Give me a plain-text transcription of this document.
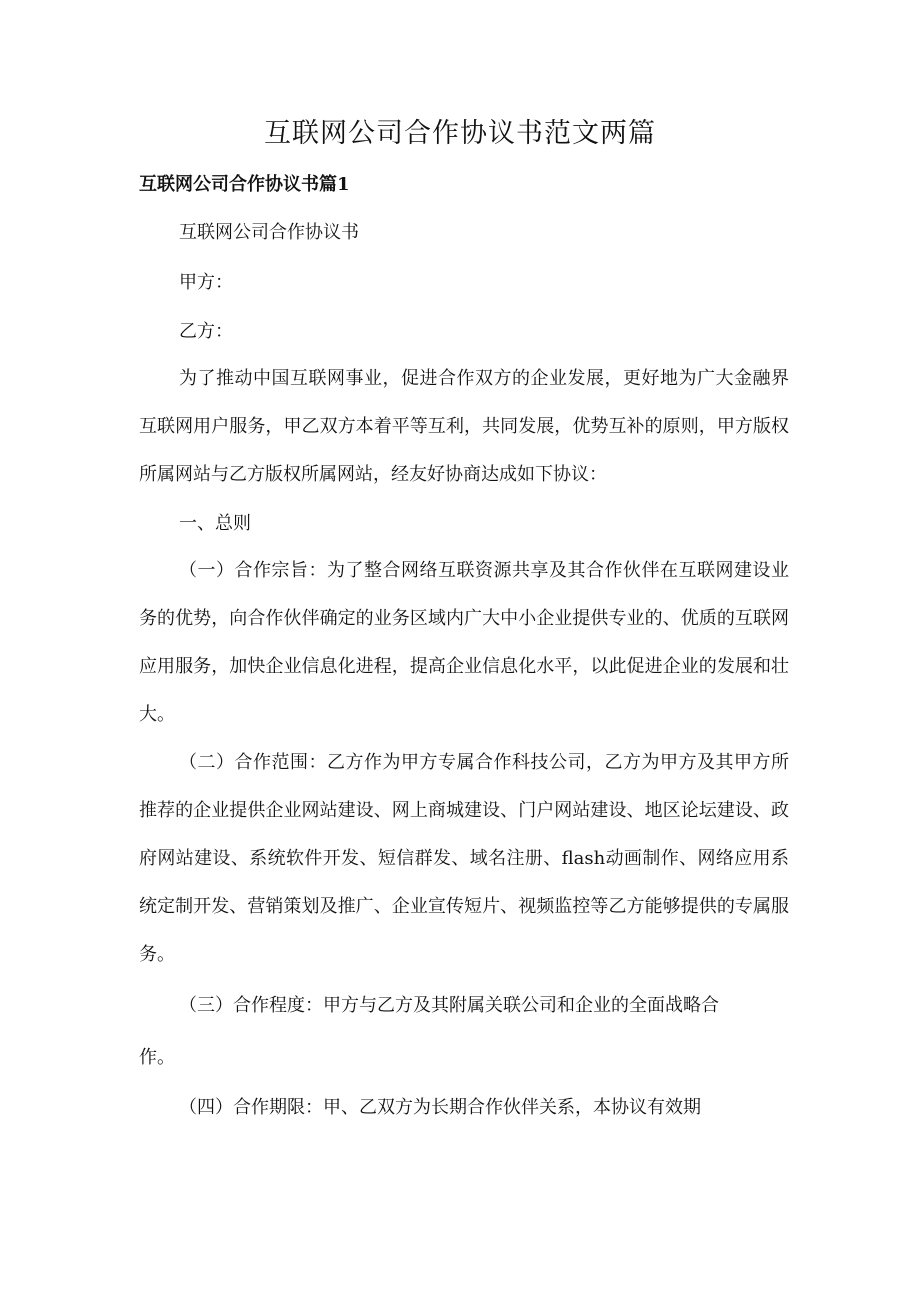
互联网公司合作协议书范文两篇
互联网公司合作协议书篇1

互联网公司合作协议书

甲方：

乙方：

为了推动中国互联网事业，促进合作双方的企业发展，更好地为广大金融界互联网用户服务，甲乙双方本着平等互利，共同发展，优势互补的原则，甲方版权所属网站与乙方版权所属网站，经友好协商达成如下协议：

一、总则

（一）合作宗旨：为了整合网络互联资源共享及其合作伙伴在互联网建设业务的优势，向合作伙伴确定的业务区域内广大中小企业提供专业的、优质的互联网应用服务，加快企业信息化进程，提高企业信息化水平，以此促进企业的发展和壮大。

（二）合作范围：乙方作为甲方专属合作科技公司，乙方为甲方及其甲方所推荐的企业提供企业网站建设、网上商城建设、门户网站建设、地区论坛建设、政府网站建设、系统软件开发、短信群发、域名注册、flash动画制作、网络应用系统定制开发、营销策划及推广、企业宣传短片、视频监控等乙方能够提供的专属服务。

（三）合作程度：甲方与乙方及其附属关联公司和企业的全面战略合

作。

（四）合作期限：甲、乙双方为长期合作伙伴关系，本协议有效期
